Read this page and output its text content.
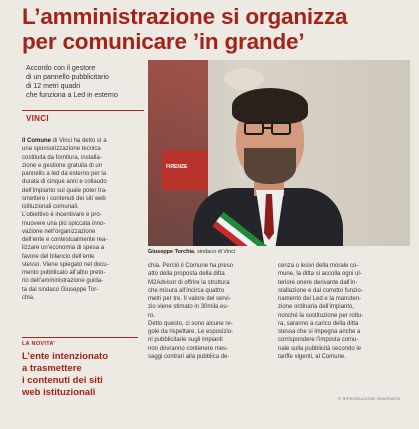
L’amministrazione si organizza
per comunicare ’in grande’
Accordo con il gestore
di un pannello pubblicitario
di 12 metri quadri
che funziona a Led in esterno
VINCI
Il Comune di Vinci ha detto sì a
una sponsorizzazione tecnica
costituita da fornitura, installa-
zione e gestione gratuita di un
pannello a led da esterno per la
durata di cinque anni e collaudo
dell’impianto sul quale poter tra-
smettere i contenuti dei siti web
istituzionali comunali.
L’obiettivo è incentivare e pro-
muovere una più spiccata inno-
vazione nell’organizzazione
dell’ente e contestualmente rea-
lizzare un’economia di spesa a
favore del bilancio dell’ente
stesso. Viene spiegato nel docu-
mento pubblicato all’albo preto-
rio dell’amministrazione guida-
ta dal sindaco Giuseppe Tor-
chia.
FIRENZE
Giuseppe Torchia, sindaco di Vinci
chia. Perciò il Comune ha preso
atto della proposta della ditta
M2Advisor di offrire la struttura
che misura all’incirca quattro
metri per tre. Il valore del servi-
zio viene stimato in 30mila eu-
ro.
Detto questo, ci sono alcune re-
gole da rispettare. Le esposizio-
ni pubblicitarie sugli impianti
non dovranno contenere mes-
saggi contrari alla pubblica de-
cenza o lesivi della morale co-
mune, la ditta si accolla ogni ul-
teriore onere derivante dall’in-
stallazione e dal corretto funzio-
namento dei Led e la manuten-
zione ordinaria dell’impianto,
nonché la sostituzione per rottu-
ra, saranno a carico della ditta
stessa che si impegna anche a
corrispondere l’imposta comu-
nale sulla pubblicità secondo le
tariffe vigenti, al Comune.
© RIPRODUZIONE RISERVATA
LA NOVITA’
L’ente intenzionato
a trasmettere
i contenuti dei siti
web istituzionali
